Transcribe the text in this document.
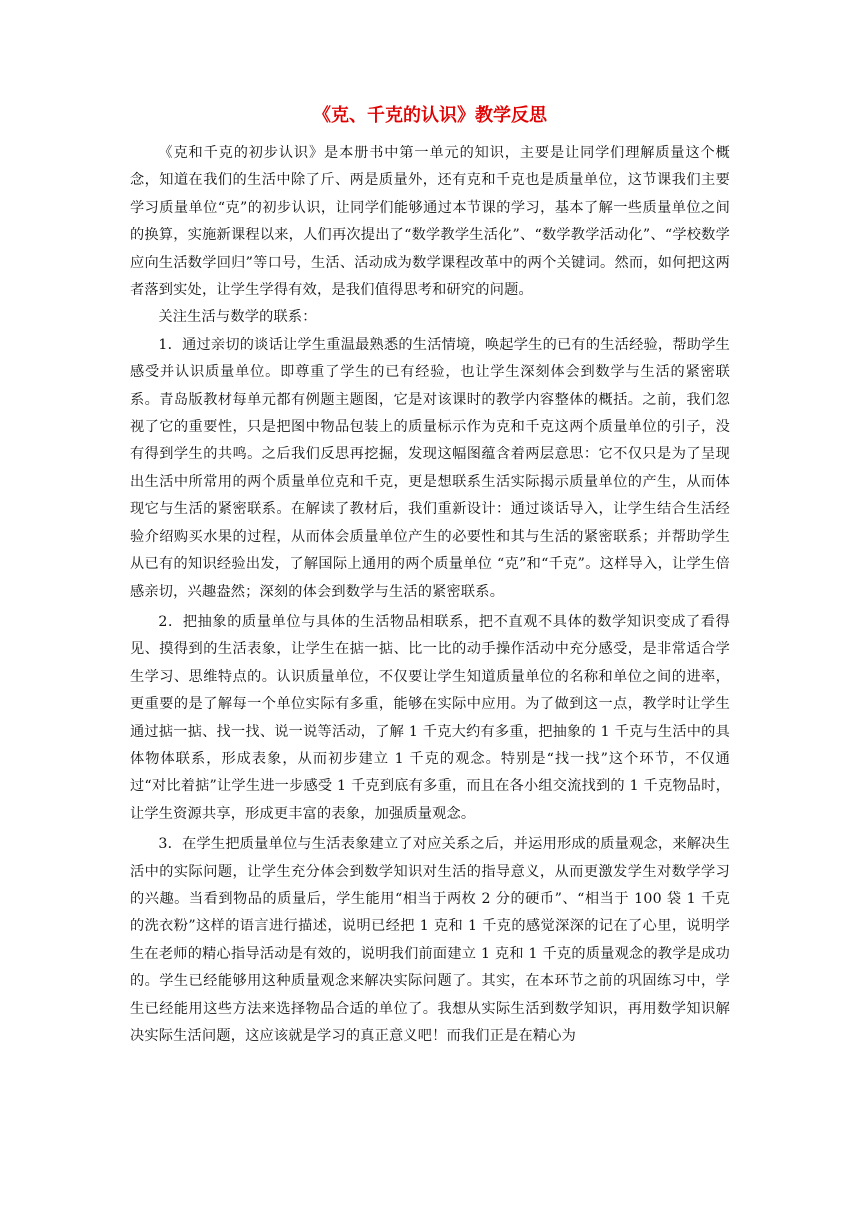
《克、千克的认识》教学反思

《克和千克的初步认识》是本册书中第一单元的知识，主要是让同学们理解质量这个概念，知道在我们的生活中除了斤、两是质量外，还有克和千克也是质量单位，这节课我们主要学习质量单位“克”的初步认识，让同学们能够通过本节课的学习，基本了解一些质量单位之间的换算，实施新课程以来，人们再次提出了“数学教学生活化”、“数学教学活动化”、“学校数学应向生活数学回归”等口号，生活、活动成为数学课程改革中的两个关键词。然而，如何把这两者落到实处，让学生学得有效，是我们值得思考和研究的问题。

关注生活与数学的联系：

1．通过亲切的谈话让学生重温最熟悉的生活情境，唤起学生的已有的生活经验，帮助学生感受并认识质量单位。即尊重了学生的已有经验，也让学生深刻体会到数学与生活的紧密联系。青岛版教材每单元都有例题主题图，它是对该课时的教学内容整体的概括。之前，我们忽视了它的重要性，只是把图中物品包装上的质量标示作为克和千克这两个质量单位的引子，没有得到学生的共鸣。之后我们反思再挖掘，发现这幅图蕴含着两层意思：它不仅只是为了呈现出生活中所常用的两个质量单位克和千克，更是想联系生活实际揭示质量单位的产生，从而体现它与生活的紧密联系。在解读了教材后，我们重新设计：通过谈话导入，让学生结合生活经验介绍购买水果的过程，从而体会质量单位产生的必要性和其与生活的紧密联系；并帮助学生从已有的知识经验出发，了解国际上通用的两个质量单位 “克”和“千克”。这样导入，让学生倍感亲切，兴趣盎然；深刻的体会到数学与生活的紧密联系。

2．把抽象的质量单位与具体的生活物品相联系，把不直观不具体的数学知识变成了看得见、摸得到的生活表象，让学生在掂一掂、比一比的动手操作活动中充分感受，是非常适合学生学习、思维特点的。认识质量单位，不仅要让学生知道质量单位的名称和单位之间的进率，更重要的是了解每一个单位实际有多重，能够在实际中应用。为了做到这一点，教学时让学生通过掂一掂、找一找、说一说等活动，了解 1 千克大约有多重，把抽象的 1 千克与生活中的具体物体联系，形成表象，从而初步建立 1 千克的观念。特别是“找一找”这个环节，不仅通过“对比着掂”让学生进一步感受 1 千克到底有多重，而且在各小组交流找到的 1 千克物品时，让学生资源共享，形成更丰富的表象，加强质量观念。

3．在学生把质量单位与生活表象建立了对应关系之后，并运用形成的质量观念，来解决生活中的实际问题，让学生充分体会到数学知识对生活的指导意义，从而更激发学生对数学学习的兴趣。当看到物品的质量后，学生能用“相当于两枚 2 分的硬币”、“相当于 100 袋 1 千克的洗衣粉”这样的语言进行描述，说明已经把 1 克和 1 千克的感觉深深的记在了心里，说明学生在老师的精心指导活动是有效的，说明我们前面建立 1 克和 1 千克的质量观念的教学是成功的。学生已经能够用这种质量观念来解决实际问题了。其实，在本环节之前的巩固练习中，学生已经能用这些方法来选择物品合适的单位了。我想从实际生活到数学知识，再用数学知识解决实际生活问题，这应该就是学习的真正意义吧！而我们正是在精心为
